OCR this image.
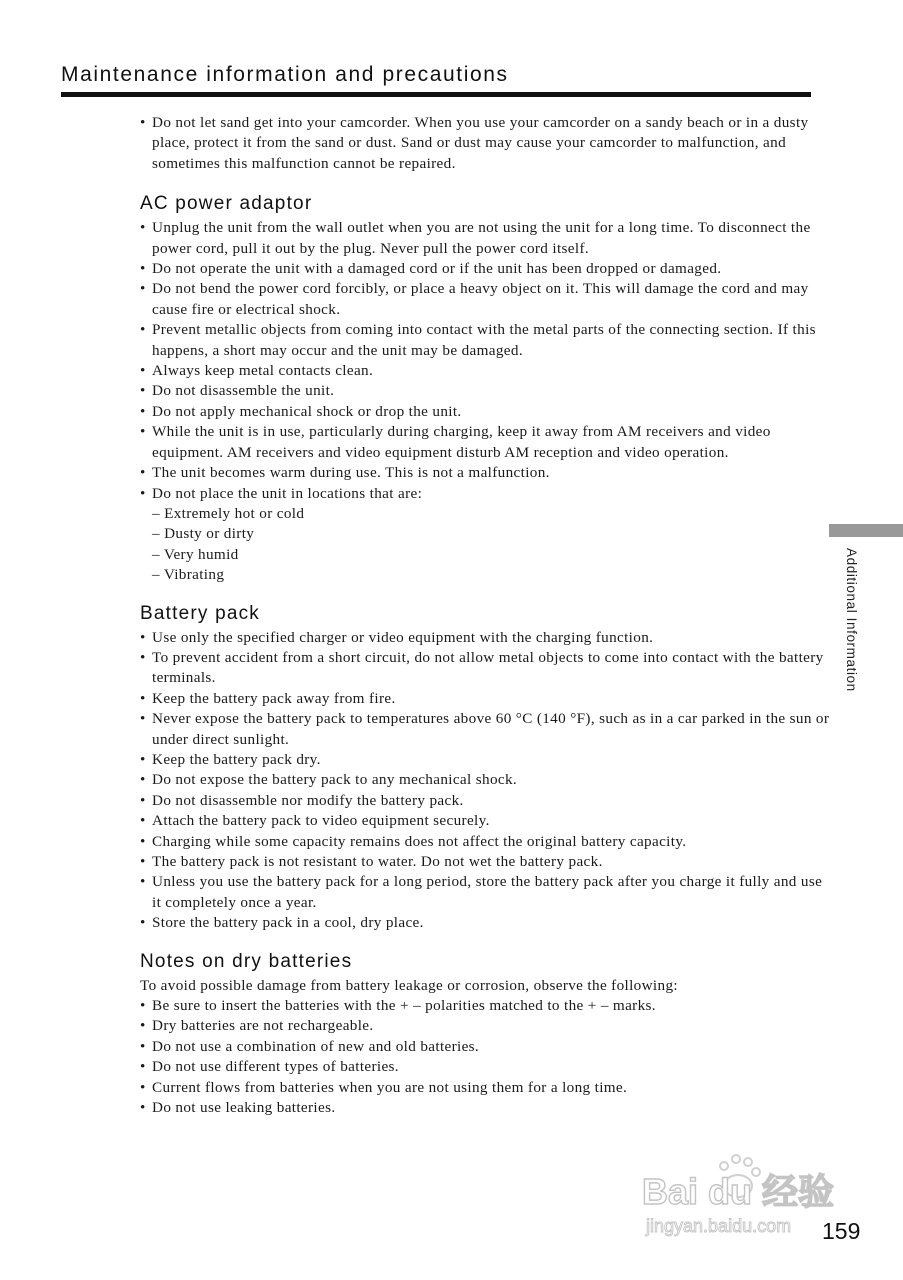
Maintenance information and precautions
• Do not let sand get into your camcorder. When you use your camcorder on a sandy beach or in a dusty place, protect it from the sand or dust. Sand or dust may cause your camcorder to malfunction, and sometimes this malfunction cannot be repaired.
AC power adaptor
• Unplug the unit from the wall outlet when you are not using the unit for a long time. To disconnect the power cord, pull it out by the plug. Never pull the power cord itself.
• Do not operate the unit with a damaged cord or if the unit has been dropped or damaged.
• Do not bend the power cord forcibly, or place a heavy object on it. This will damage the cord and may cause fire or electrical shock.
• Prevent metallic objects from coming into contact with the metal parts of the connecting section. If this happens, a short may occur and the unit may be damaged.
• Always keep metal contacts clean.
• Do not disassemble the unit.
• Do not apply mechanical shock or drop the unit.
• While the unit is in use, particularly during charging, keep it away from AM receivers and video equipment. AM receivers and video equipment disturb AM reception and video operation.
• The unit becomes warm during use. This is not a malfunction.
• Do not place the unit in locations that are:
– Extremely hot or cold
– Dusty or dirty
– Very humid
– Vibrating
Battery pack
• Use only the specified charger or video equipment with the charging function.
• To prevent accident from a short circuit, do not allow metal objects to come into contact with the battery terminals.
• Keep the battery pack away from fire.
• Never expose the battery pack to temperatures above 60 °C (140 °F), such as in a car parked in the sun or under direct sunlight.
• Keep the battery pack dry.
• Do not expose the battery pack to any mechanical shock.
• Do not disassemble nor modify the battery pack.
• Attach the battery pack to video equipment securely.
• Charging while some capacity remains does not affect the original battery capacity.
• The battery pack is not resistant to water. Do not wet the battery pack.
• Unless you use the battery pack for a long period, store the battery pack after you charge it fully and use it completely once a year.
• Store the battery pack in a cool, dry place.
Notes on dry batteries

To avoid possible damage from battery leakage or corrosion, observe the following:

• Be sure to insert the batteries with the + – polarities matched to the + – marks.
• Dry batteries are not rechargeable.
• Do not use a combination of new and old batteries.
• Do not use different types of batteries.
• Current flows from batteries when you are not using them for a long time.
• Do not use leaking batteries.
Additional Information
Bai du 经验
jingyan.baidu.com 159
